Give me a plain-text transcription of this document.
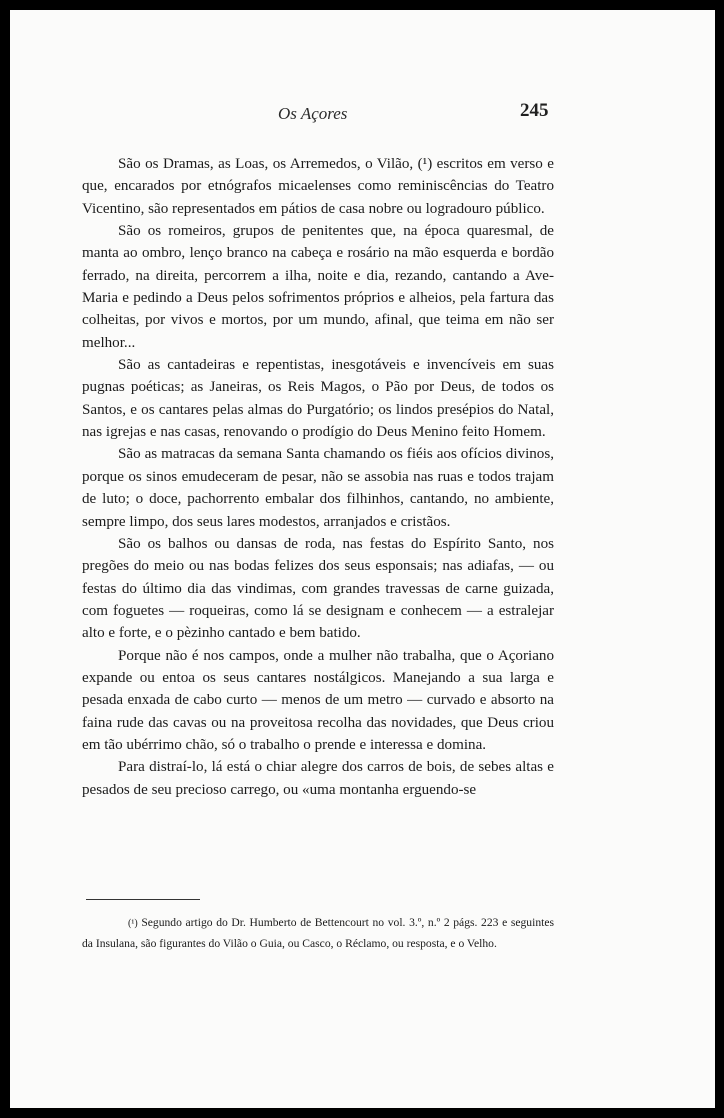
Os Açores	245

São os Dramas, as Loas, os Arremedos, o Vilão, (¹) escritos em verso e que, encarados por etnógrafos micaelenses como reminiscências do Teatro Vicentino, são representados em pátios de casa nobre ou logradouro público.

São os romeiros, grupos de penitentes que, na época quaresmal, de manta ao ombro, lenço branco na cabeça e rosário na mão esquerda e bordão ferrado, na direita, percorrem a ilha, noite e dia, rezando, cantando a Ave-Maria e pedindo a Deus pelos sofrimentos próprios e alheios, pela fartura das colheitas, por vivos e mortos, por um mundo, afinal, que teima em não ser melhor...

São as cantadeiras e repentistas, inesgotáveis e invencíveis em suas pugnas poéticas; as Janeiras, os Reis Magos, o Pão por Deus, de todos os Santos, e os cantares pelas almas do Purgatório; os lindos presépios do Natal, nas igrejas e nas casas, renovando o prodígio do Deus Menino feito Homem.

São as matracas da semana Santa chamando os fiéis aos ofícios divinos, porque os sinos emudeceram de pesar, não se assobia nas ruas e todos trajam de luto; o doce, pachorrento embalar dos filhinhos, cantando, no ambiente, sempre limpo, dos seus lares modestos, arranjados e cristãos.

São os balhos ou dansas de roda, nas festas do Espírito Santo, nos pregões do meio ou nas bodas felizes dos seus esponsais; nas adiafas, — ou festas do último dia das vindimas, com grandes travessas de carne guizada, com foguetes — roqueiras, como lá se designam e conhecem — a estralejar alto e forte, e o pèzinho cantado e bem batido.

Porque não é nos campos, onde a mulher não trabalha, que o Açoriano expande ou entoa os seus cantares nostálgicos. Manejando a sua larga e pesada enxada de cabo curto — menos de um metro — curvado e absorto na faina rude das cavas ou na proveitosa recolha das novidades, que Deus criou em tão ubérrimo chão, só o trabalho o prende e interessa e domina.

Para distraí-lo, lá está o chiar alegre dos carros de bois, de sebes altas e pesados de seu precioso carrego, ou «uma montanha erguendo-se

(¹) Segundo artigo do Dr. Humberto de Bettencourt no vol. 3.º, n.º 2 págs. 223 e seguintes da Insulana, são figurantes do Vilão o Guia, ou Casco, o Réclamo, ou resposta, e o Velho.
